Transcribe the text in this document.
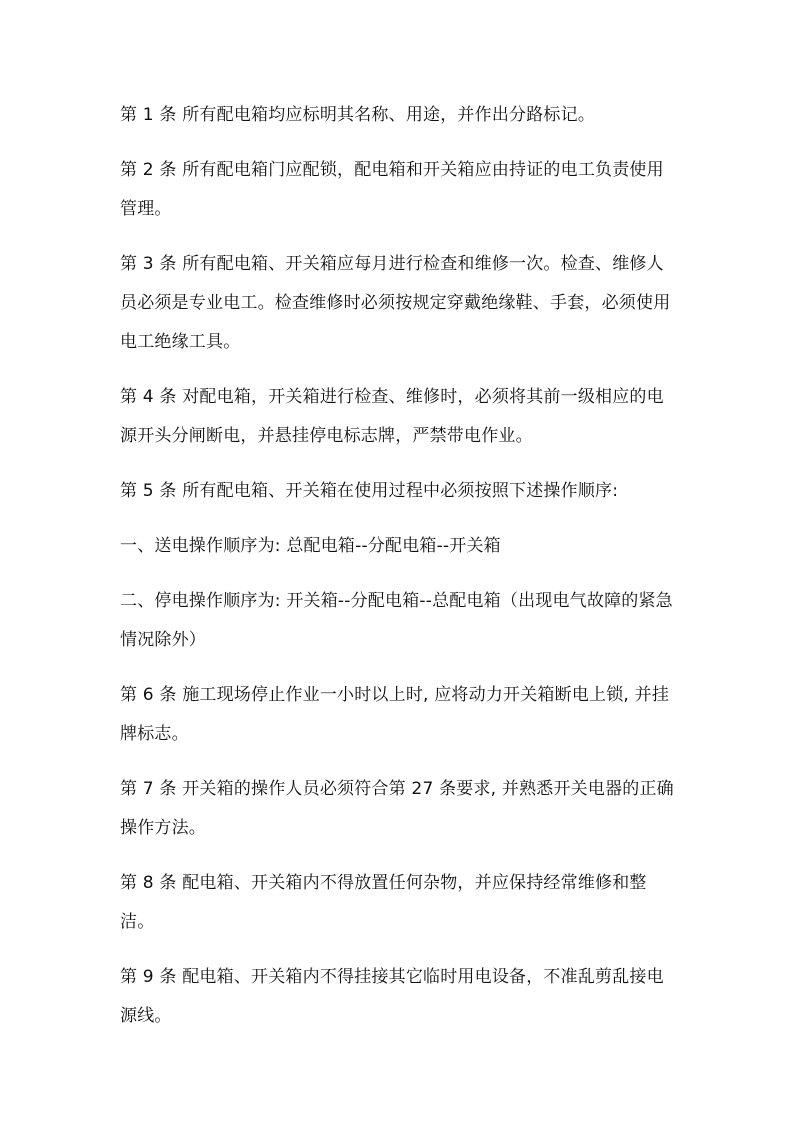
第 1 条 所有配电箱均应标明其名称、用途，并作出分路标记。

第 2 条 所有配电箱门应配锁，配电箱和开关箱应由持证的电工负责使用管理。

第 3 条 所有配电箱、开关箱应每月进行检查和维修一次。检查、维修人员必须是专业电工。检查维修时必须按规定穿戴绝缘鞋、手套，必须使用电工绝缘工具。

第 4 条 对配电箱，开关箱进行检查、维修时，必须将其前一级相应的电源开头分闸断电，并悬挂停电标志牌，严禁带电作业。

第 5 条 所有配电箱、开关箱在使用过程中必须按照下述操作顺序:

一、送电操作顺序为: 总配电箱--分配电箱--开关箱

二、停电操作顺序为: 开关箱--分配电箱--总配电箱（出现电气故障的紧急情况除外）

第 6 条 施工现场停止作业一小时以上时, 应将动力开关箱断电上锁, 并挂牌标志。

第 7 条 开关箱的操作人员必须符合第 27 条要求, 并熟悉开关电器的正确操作方法。

第 8 条 配电箱、开关箱内不得放置任何杂物，并应保持经常维修和整洁。

第 9 条 配电箱、开关箱内不得挂接其它临时用电设备，不准乱剪乱接电源线。
